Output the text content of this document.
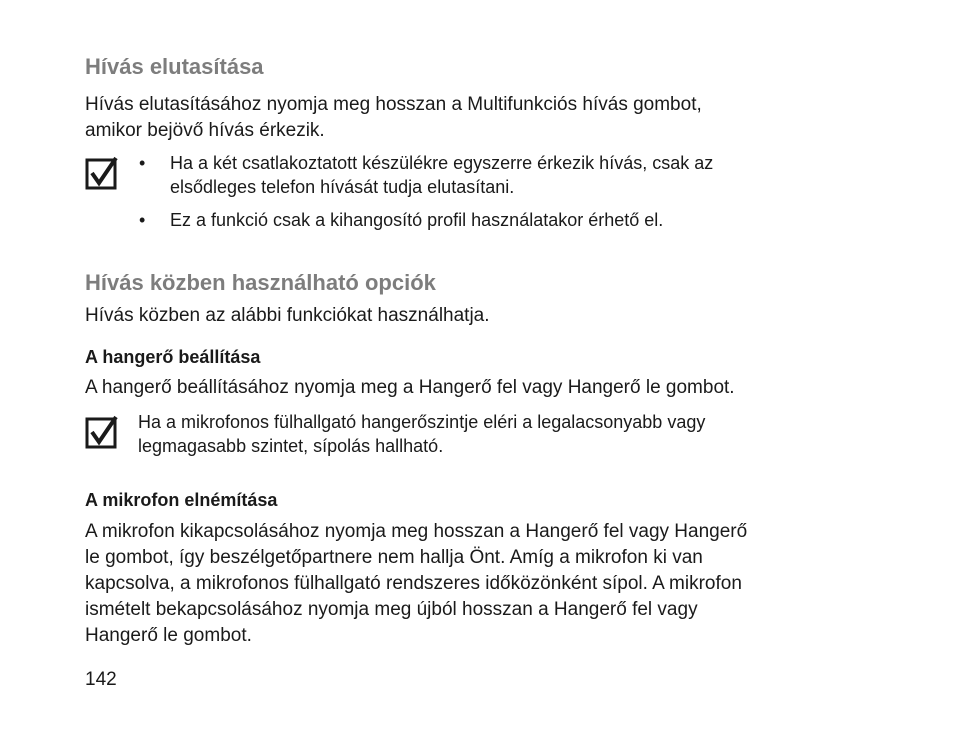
Hívás elutasítása
Hívás elutasításához nyomja meg hosszan a Multifunkciós hívás gombot,
amikor bejövő hívás érkezik.
• Ha a két csatlakoztatott készülékre egyszerre érkezik hívás, csak az
elsődleges telefon hívását tudja elutasítani.
• Ez a funkció csak a kihangosító profil használatakor érhető el.
Hívás közben használható opciók
Hívás közben az alábbi funkciókat használhatja.
A hangerő beállítása
A hangerő beállításához nyomja meg a Hangerő fel vagy Hangerő le gombot.
Ha a mikrofonos fülhallgató hangerőszintje eléri a legalacsonyabb vagy
legmagasabb szintet, sípolás hallható.
A mikrofon elnémítása
A mikrofon kikapcsolásához nyomja meg hosszan a Hangerő fel vagy Hangerő
le gombot, így beszélgetőpartnere nem hallja Önt. Amíg a mikrofon ki van
kapcsolva, a mikrofonos fülhallgató rendszeres időközönként sípol. A mikrofon
ismételt bekapcsolásához nyomja meg újból hosszan a Hangerő fel vagy
Hangerő le gombot.
142
